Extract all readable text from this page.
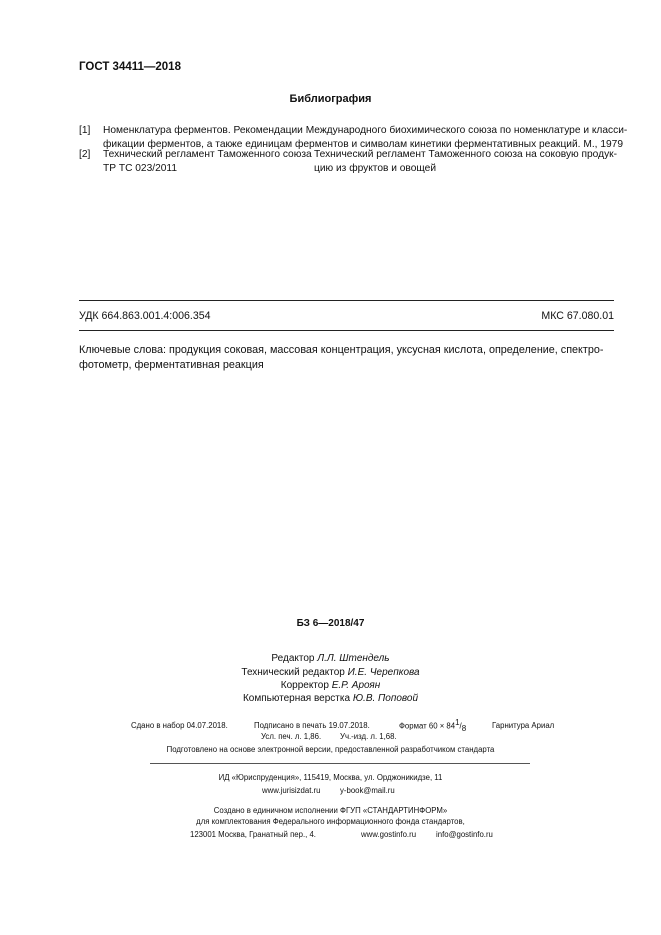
ГОСТ 34411—2018
Библиография
[1] Номенклатура ферментов. Рекомендации Международного биохимического союза по номенклатуре и класси-
фикации ферментов, а также единицам ферментов и символам кинетики ферментативных реакций. М., 1979
[2] Технический регламент Таможенного союза
ТР ТС 023/2011
Технический регламент Таможенного союза на соковую продук-
цию из фруктов и овощей
УДК 664.863.001.4:006.354	МКС 67.080.01
Ключевые слова: продукция соковая, массовая концентрация, уксусная кислота, определение, спектро-
фотометр, ферментативная реакция
БЗ 6—2018/47
Редактор Л.Л. Штендель
Технический редактор И.Е. Черепкова
Корректор Е.Р. Ароян
Компьютерная верстка Ю.В. Поповой
Сдано в набор 04.07.2018.	Подписано в печать 19.07.2018.	Формат $60 \times 84^1/_8$	Гарнитура Ариал
Усл. печ. л. 1,86. Уч.-изд. л. 1,68.
Подготовлено на основе электронной версии, предоставленной разработчиком стандарта
ИД «Юриспруденция», 115419, Москва, ул. Орджоникидзе, 11
www.jurisizdat.ru	y-book@mail.ru
Создано в единичном исполнении ФГУП «СТАНДАРТИНФОРМ»
для комплектования Федерального информационного фонда стандартов,
123001 Москва, Гранатный пер., 4.	www.gostinfo.ru	info@gostinfo.ru
